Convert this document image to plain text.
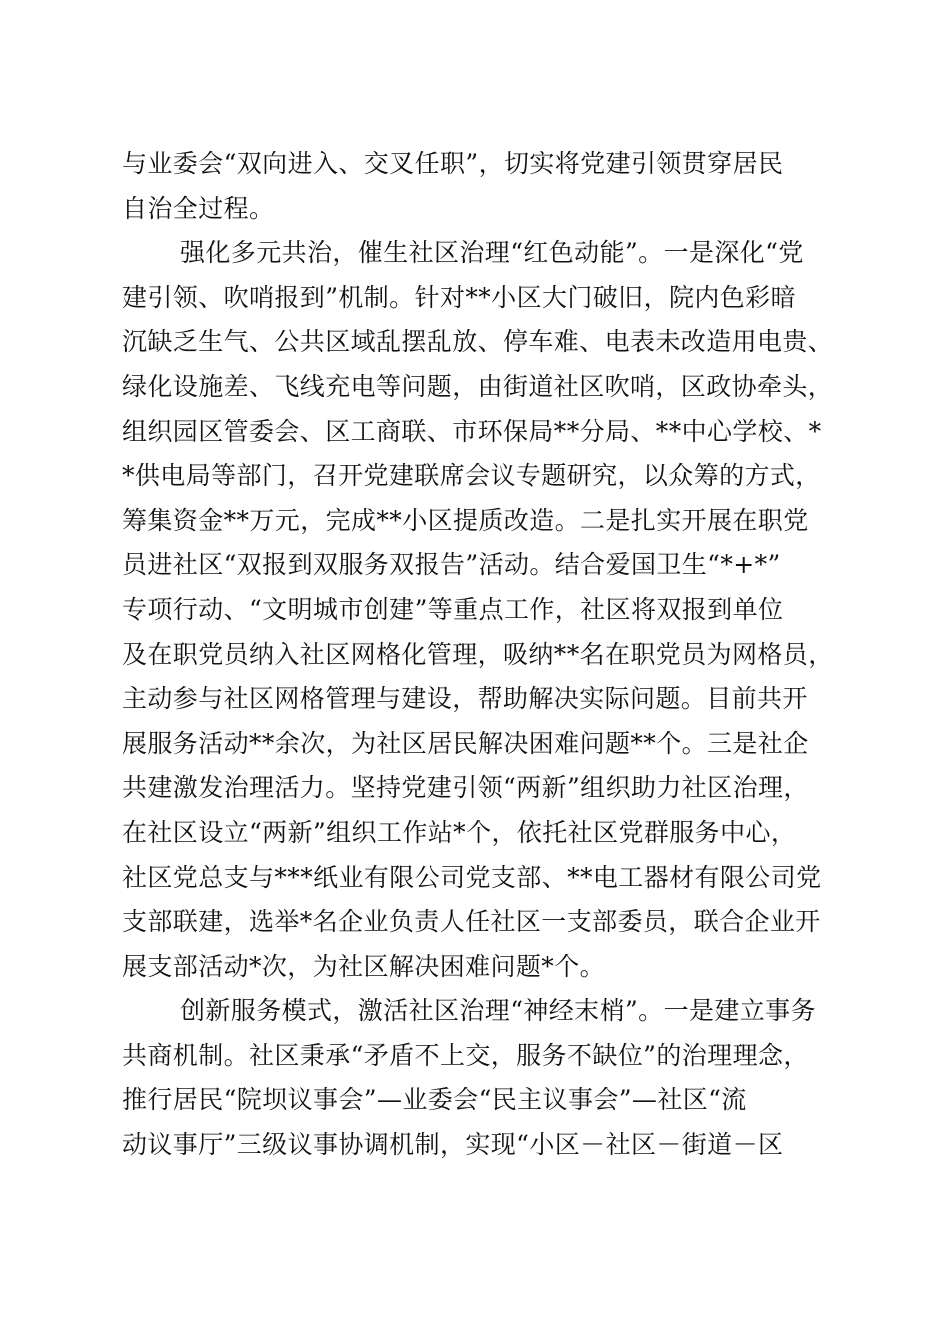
与业委会“双向进入、交叉任职”，切实将党建引领贯穿居民
自治全过程。
强化多元共治，催生社区治理“红色动能”。一是深化“党
建引领、吹哨报到”机制。针对**小区大门破旧，院内色彩暗
沉缺乏生气、公共区域乱摆乱放、停车难、电表未改造用电贵、
绿化设施差、飞线充电等问题，由街道社区吹哨，区政协牵头，
组织园区管委会、区工商联、市环保局**分局、**中心学校、*
*供电局等部门，召开党建联席会议专题研究，以众筹的方式，
筹集资金**万元，完成**小区提质改造。二是扎实开展在职党
员进社区“双报到双服务双报告”活动。结合爱国卫生“*+*”
专项行动、“文明城市创建”等重点工作，社区将双报到单位
及在职党员纳入社区网格化管理，吸纳**名在职党员为网格员，
主动参与社区网格管理与建设，帮助解决实际问题。目前共开
展服务活动**余次，为社区居民解决困难问题**个。三是社企
共建激发治理活力。坚持党建引领“两新”组织助力社区治理，
在社区设立“两新”组织工作站*个，依托社区党群服务中心，
社区党总支与***纸业有限公司党支部、**电工器材有限公司党
支部联建，选举*名企业负责人任社区一支部委员，联合企业开
展支部活动*次，为社区解决困难问题*个。
创新服务模式，激活社区治理“神经末梢”。一是建立事务
共商机制。社区秉承“矛盾不上交，服务不缺位”的治理理念，
推行居民“院坝议事会”—业委会“民主议事会”—社区“流
动议事厅”三级议事协调机制，实现“小区－社区－街道－区
